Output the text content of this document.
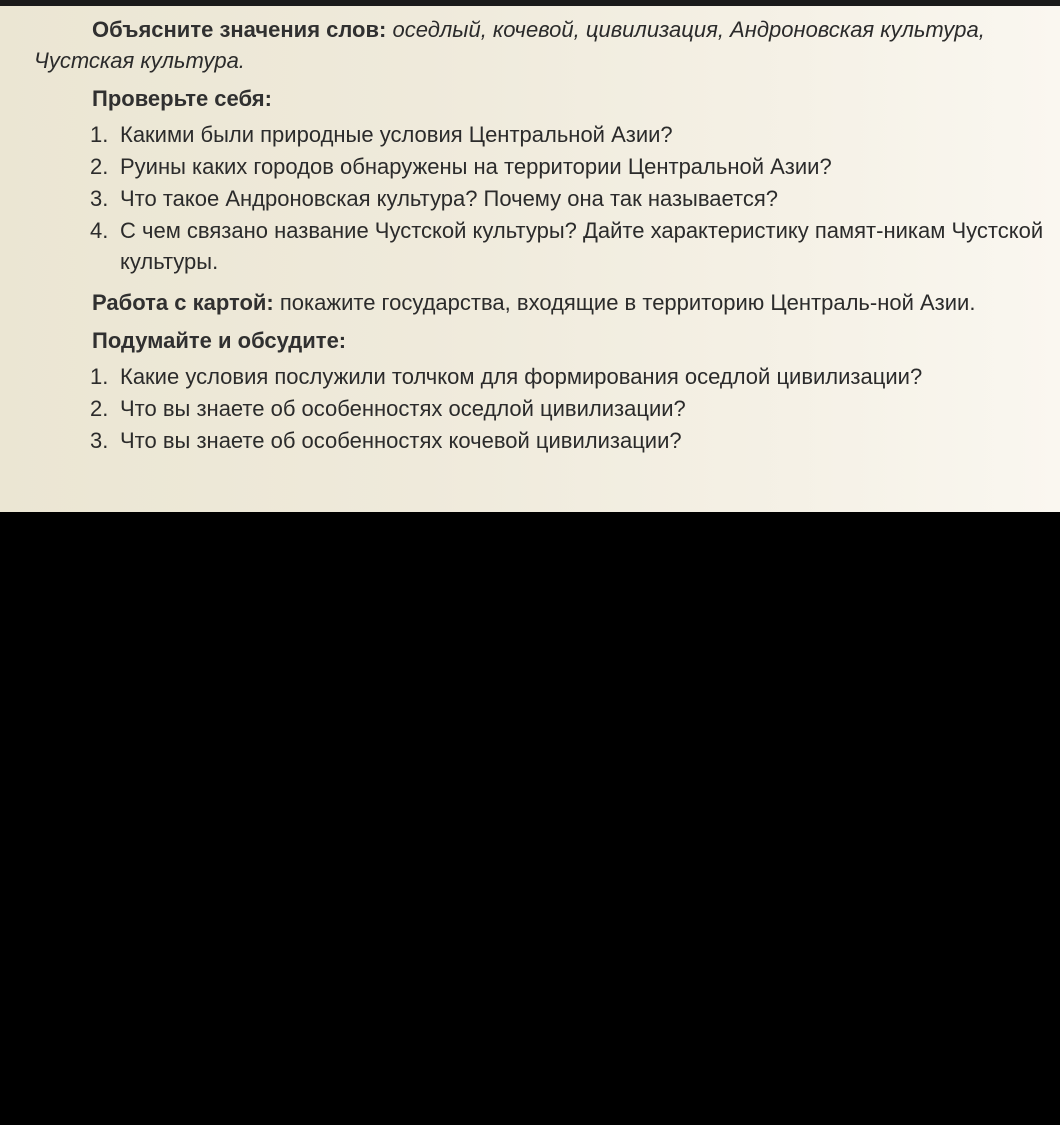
Объясните значения слов: оседлый, кочевой, цивилизация, Андроновская культура, Чустская культура.

Проверьте себя:
1. Какими были природные условия Центральной Азии?
2. Руины каких городов обнаружены на территории Центральной Азии?
3. Что такое Андроновская культура? Почему она так называется?
4. С чем связано название Чустской культуры? Дайте характеристику памят-никам Чустской культуры.

Работа с картой: покажите государства, входящие в территорию Централь-ной Азии.

Подумайте и обсудите:
1. Какие условия послужили толчком для формирования оседлой цивилизации?
2. Что вы знаете об особенностях оседлой цивилизации?
3. Что вы знаете об особенностях кочевой цивилизации?
